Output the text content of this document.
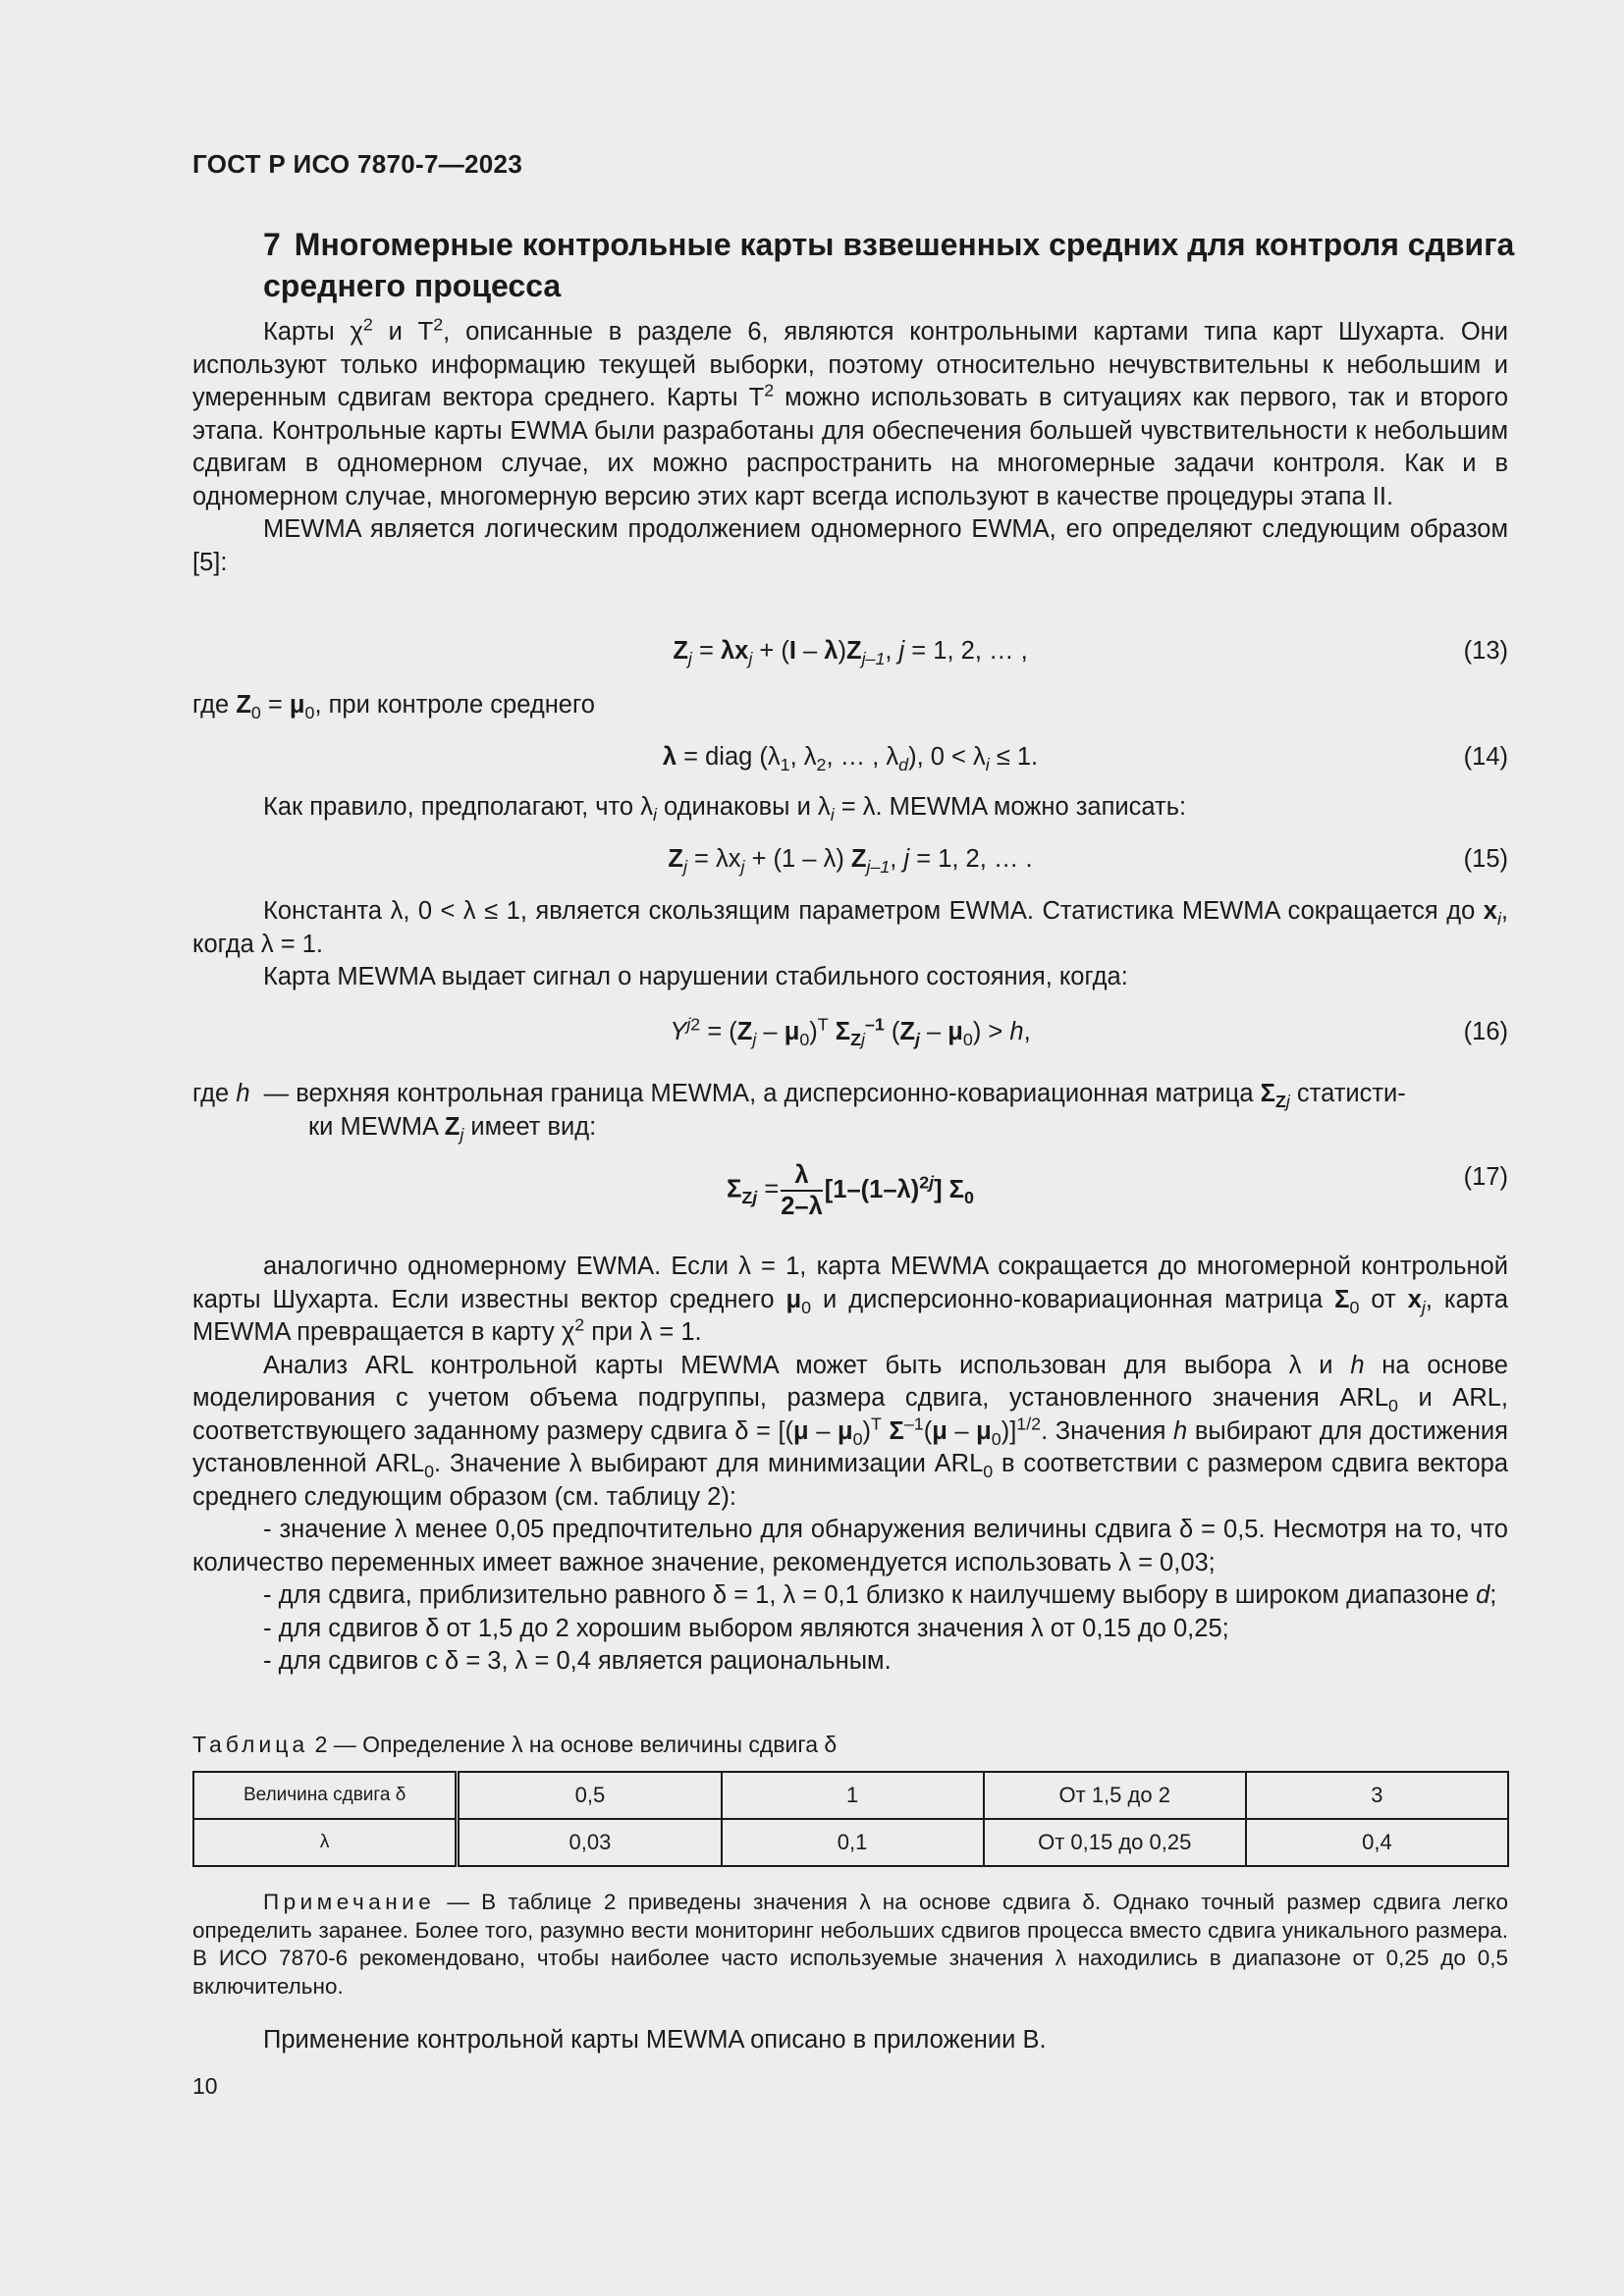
ГОСТ Р ИСО 7870-7—2023
7 Многомерные контрольные карты взвешенных средних для контроля сдвига среднего процесса

Карты $\chi^2$ и $T^2$, описанные в разделе 6, являются контрольными картами типа карт Шухарта. Они используют только информацию текущей выборки, поэтому относительно нечувствительны к небольшим и умеренным сдвигам вектора среднего. Карты $T^2$ можно использовать в ситуациях как первого, так и второго этапа. Контрольные карты EWMA были разработаны для обеспечения большей чувствительности к небольшим сдвигам в одномерном случае, их можно распространить на многомерные задачи контроля. Как и в одномерном случае, многомерную версию этих карт всегда используют в качестве процедуры этапа II.

MEWMA является логическим продолжением одномерного EWMA, его определяют следующим образом [5]:

$Z_j = \lambda x_j + (I - \lambda)Z_{j-1}$, j = 1, 2, … ,	(13)
где $Z_0 = \mu_0$, при контроле среднего
λ = diag ($\lambda_1$, $\lambda_2$, … , $\lambda_d$), $0 < \lambda_i \le 1$.	(14)

Как правило, предполагают, что $\lambda_i$ одинаковы и $\lambda_i = \lambda$. MEWMA можно записать:

$Z_j = \lambda x_j + (1 - \lambda)$ $Z_{j-1}$, j = 1, 2, … .	(15)

Константа λ, 0 < λ ≤ 1, является скользящим параметром EWMA. Статистика MEWMA сокращается до $x_i$, когда λ = 1.

Карта MEWMA выдает сигнал о нарушении стабильного состояния, когда:

$Y^{j2} = (Z_j - \mu_0)^T$ $\Sigma_{Zj}^{-1}$ $(Z_j - \mu_0) > h$,	(16)
где h — верхняя контрольная граница MEWMA, а дисперсионно-ковариационная матрица $\Sigma_{Zj}$ статисти-
ки MEWMA $Z_j$ имеет вид:
$\Sigma_{Zj} = \frac{\lambda}{2-\lambda} [1-(1-\lambda)^{2j}]$ $\Sigma_0$
(17)

аналогично одномерному EWMA. Если λ = 1, карта MEWMA сокращается до многомерной контрольной карты Шухарта. Если известны вектор среднего $\mu_0$ и дисперсионно-ковариационная матрица $\Sigma_0$ от $x_j$, карта MEWMA превращается в карту $\chi^2$ при λ = 1.

Анализ ARL контрольной карты MEWMA может быть использован для выбора λ и h на основе моделирования с учетом объема подгруппы, размера сдвига, установленного значения $ARL_0$ и ARL, соответствующего заданному размеру сдвига $\delta = [(\mu - \mu_0)^T$ $\Sigma^{-1}(\mu - \mu_0)]^{1/2}$. Значения h выбирают для достижения установленной $ARL_0$. Значение λ выбирают для минимизации $ARL_0$ в соответствии с размером сдвига вектора среднего следующим образом (см. таблицу 2):

- значение λ менее 0,05 предпочтительно для обнаружения величины сдвига δ = 0,5. Несмотря на то, что количество переменных имеет важное значение, рекомендуется использовать λ = 0,03;

- для сдвига, приблизительно равного δ = 1, λ = 0,1 близко к наилучшему выбору в широком диапазоне d;

- для сдвигов δ от 1,5 до 2 хорошим выбором являются значения λ от 0,15 до 0,25;

- для сдвигов с δ = 3, λ = 0,4 является рациональным.

Таблица 2 — Определение λ на основе величины сдвига δ
Величина сдвига δ	0,5	1	От 1,5 до 2	3
λ	0,03	0,1	От 0,15 до 0,25	0,4
Примечание — В таблице 2 приведены значения λ на основе сдвига δ. Однако точный размер сдвига легко определить заранее. Более того, разумно вести мониторинг небольших сдвигов процесса вместо сдвига уникального размера. В ИСО 7870-6 рекомендовано, чтобы наиболее часто используемые значения λ находились в диапазоне от 0,25 до 0,5 включительно.
Применение контрольной карты MEWMA описано в приложении В.
10
